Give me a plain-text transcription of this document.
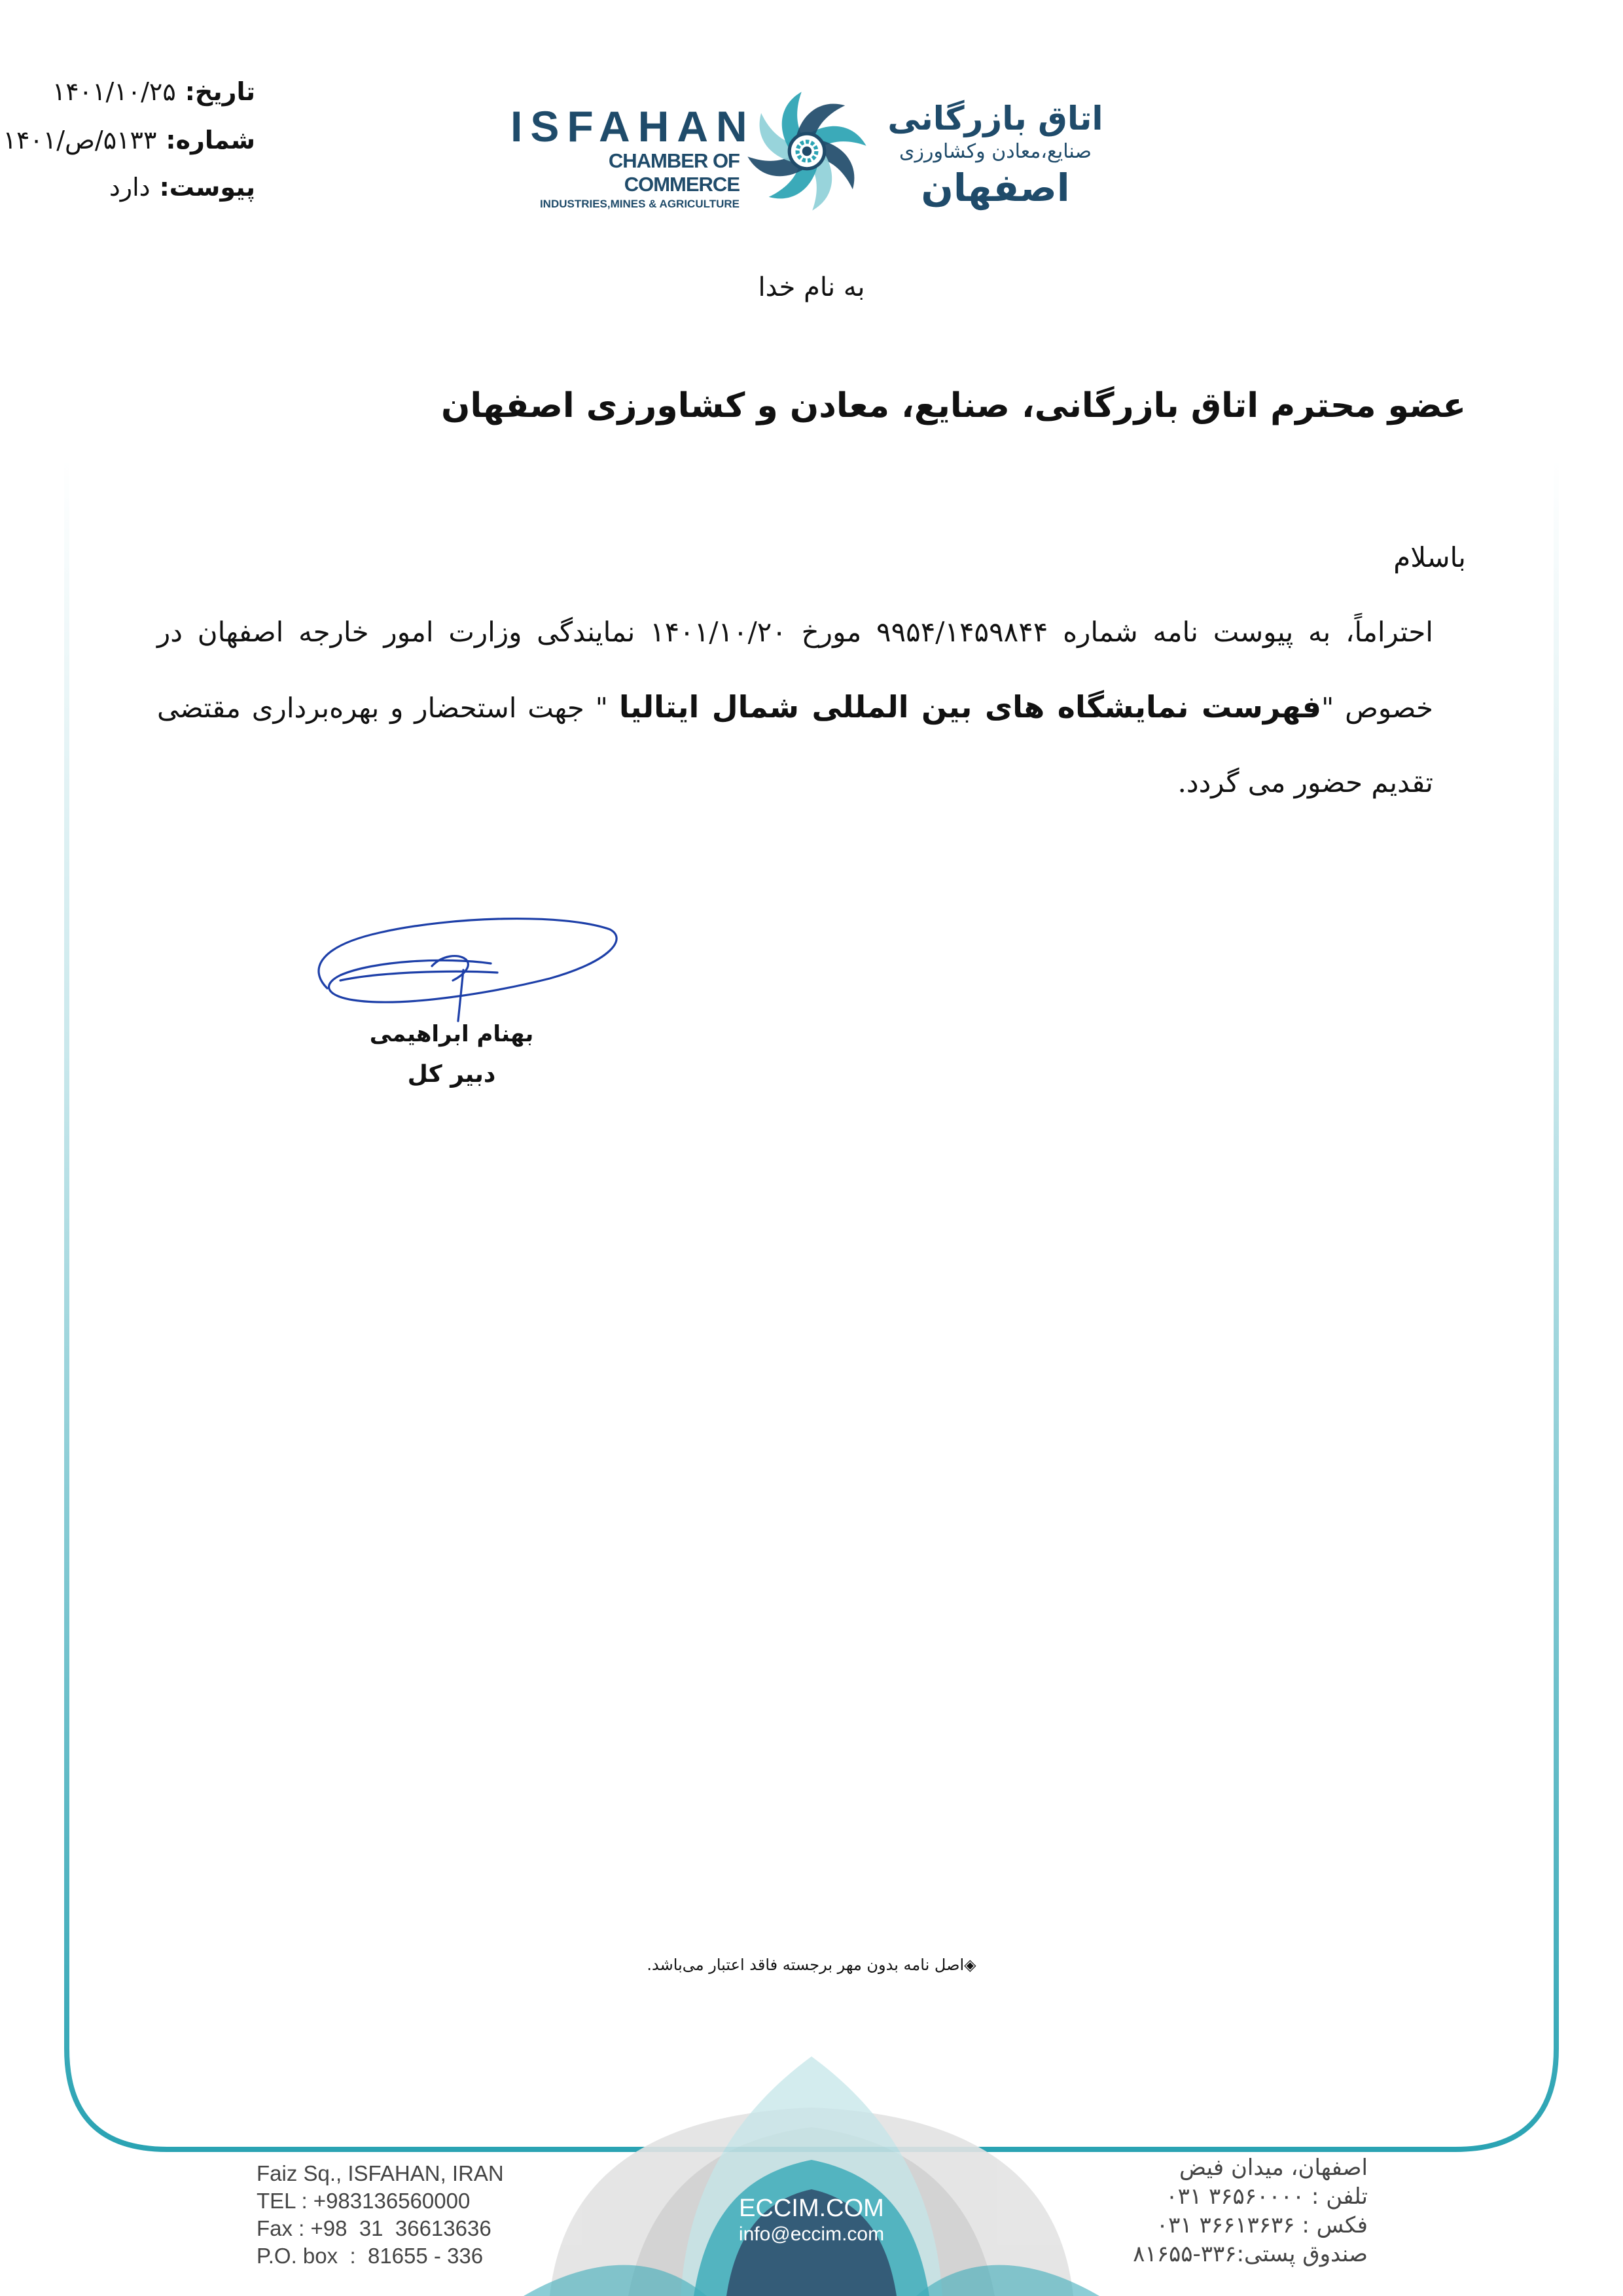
تاریخ:۱۴۰۱/۱۰/۲۵
شماره:۵۱۳۳/ص/۱۴۰۱
پیوست:دارد
ISFAHAN
CHAMBER OF COMMERCE
INDUSTRIES,MINES & AGRICULTURE
اتاق بازرگانی
صنایع،معادن وکشاورزی
اصفهان
به نام خدا
عضو محترم اتاق بازرگانی، صنایع، معادن و کشاورزی اصفهان

باسلام

احتراماً، به پیوست نامه شماره ۹۹۵۴/۱۴۵۹۸۴۴ مورخ ۱۴۰۱/۱۰/۲۰ نمایندگی وزارت امور خارجه اصفهان در خصوص "فهرست نمایشگاه های بین المللی شمال ایتالیا " جهت استحضار و بهره‌برداری مقتضی تقدیم حضور می گردد.

بهنام ابراهیمی
دبیر کل
◈اصل نامه بدون مهر برجسته فاقد اعتبار می‌باشد.
ECCIM.COM
info@eccim.com
Faiz Sq., ISFAHAN, IRAN
TEL : +983136560000
Fax : +98  31  36613636
P.O. box  :  81655 - 336
اصفهان، میدان فیض
تلفن : ۳۶۵۶۰۰۰۰ ۰۳۱
فکس : ۳۶۶۱۳۶۳۶ ۰۳۱
صندوق پستی:۳۳۶-۸۱۶۵۵
